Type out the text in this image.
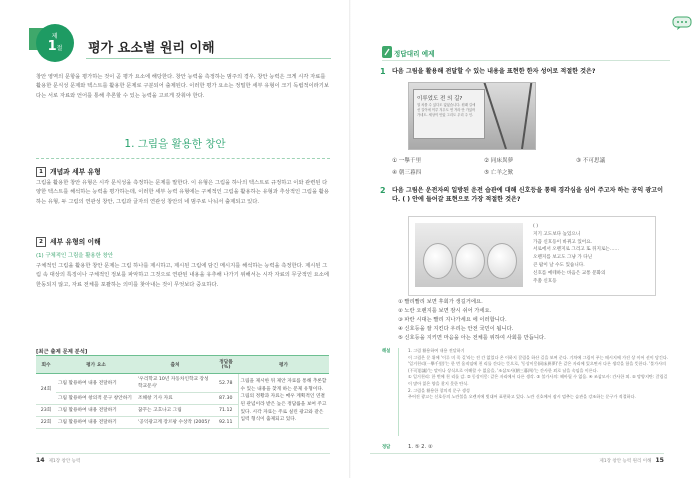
제
1절	평가 요소별 원리 이해
창안 영역의 문항을 평가하는 것이 곧 평가 요소에 해당한다. 창안 능력을 측정하는 범주의 경우, 창안 능력은 크게 시각 자료를 활용한 문식성 문제와 텍스트를 활용한 문제로 구분되어 출제된다. 이러한 평가 요소는 정밀한 세부 유형이 크기 독립적이라기보다는 서로 자료와 언어를 통해 추론할 수 있는 능력을 고르게 갖춰야 한다.
1. 그림을 활용한 창안
1 개념과 세부 유형
그림을 활용한 창안 유형은 시각 문식성을 측정하는 문제를 말한다. 이 유형은 그림을 하나의 텍스트로 규정하고 이와 관련된 다양한 텍스트를 해석하는 능력을 평가하는데, 이러한 세부 능력 유형에는 구체적인 그림을 활용하는 유형과 추상적인 그림을 활용하는 유형, 두 그림의 연관성 창안, 그림과 글자의 연관성 창안의 네 범주로 나눠서 출제되고 있다.
2 세부 유형의 이해
(1) 구체적인 그림을 활용한 창안
구체적인 그림을 활용한 창안 문제는 그림 하나를 제시하고, 제시된 그림에 담긴 메시지를 해석하는 능력을 측정한다. 제시된 그림 속 대상의 특징이나 구체적인 정보를 파악하고 그것으로 연관된 내용을 유추해 나가기 위해서는 시각 자료의 무궁적인 요소에 한동되지 않고, 자료 전체를 포괄하는 의미를 찾아내는 것이 무엇보다 중요하다.
[최근 출제 문제 분석]
회수	평가 요소	출처	정답률(%)	평가
24회	그림 활용하여 내용 전달하기	'우리학교 10년 자동차인학교 장성학교문사'	52.78	그림을 제시한 뒤 제안 자료를 통해 추론할 수 있는 내용을 찾게 하는 문제 유형이다. 그림의 정황과 자료는 매우 계획적인 연결된 관념이라 받은 높은 정답률을 보여 주고 있다. 시각 자료는 주로 실린 광고와 같은 입력 형식이 출제되고 있다.
	그림 활용하여 창의적 문구 창안하기	조해창 기사 자료	87.30	
23회	그림 활용하여 내용 전달하기	꿈꾸는 고흐나고 그림	71.12	
22회	그림 활용하여 내용 전달하기	'공익광고계 장르팡 수상작 (2005)'	92.11	
14 제1장 창안 능력
정답대리 예제
1 다음 그림을 활용해 전달할 수 있는 내용을 표현한 한자 성어로 적절한 것은?
이루었도 전 의 길?
열 차를 수 있다도 없었습니다. 원래 길에 선 길이에 이루 겨우도 연 거라 안 가있어 가네도. 세상이 안았 그리도 우리 주 인.
① 一擧千里	② 同床異夢	③ 不可思議 ④ 朝三暮四	⑤ 亡羊之歎
2 다음 그림은 운전자의 일방된 운전 습관에 대해 신호등을 통해 경각심을 심어 주고자 하는 공익 광고이다. ( ) 안에 들어갈 표현으로 가장 적절한 것은?
( )
지기 고도보다 높있으니
가끔 신호등이 바뀌고 있어요.
서로에서 오렌지로 그리고 또 뒤지로는……
오렌지를 보고도 그냥 가 다닌
큰 팝이 날 수도 있습니다.
신호를 예테하는 바음은 교통 문화의
주춤 신호등
① 빨리빨리 보면 후회가 생길거에요.
② 노란 오렌지를 보면 잠시 쉬어 가세요.
③ 파란 시대는 빨리 지나가세요 에 이러합니다.
④ 신호등을 잘 지킨다 우리는 안전 국민이 됩니다.
⑤ 신호등을 지키면 마음을 아는 전체를 위하여 사회를 만듭니다.
해설	1. 그림 활용하여 내용 전달하기
이 그림은 문 위에 '이루 미 꼭 길'라는 전 간 없었다 온 이하지 갈림을 하산 길을 보여 준다. 기차에 그림이 푸는 메시지에 가진 상 이어 선이 담긴다. '일거천리(一擧千里)'는 한 번 움직임에 천 리를 간다는 뜻으로, '동상이몽(同床異夢)'은 같은 자리에 있으면서 다른 생각을 함을 뜻한다. '불가사의(不可思議)'는 말이나 상식으로 이해할 수 없음을, '조삼모사(朝三暮四)'는 간사한 꾀로 남을 속임을 이른다.
① 일거천리: 한 번에 천 리를 감. ② 동상이몽: 같은 자리에서 다른 생각. ③ 불가사의: 헤아릴 수 없음. ④ 조삼모사: 간사한 꾀. ⑤ 망양지탄: 갈림길이 많아 잃은 양을 찾지 못한 탄식.
2. 그림을 활용한 창의적 문구 생성
주어진 광고는 신호등의 노란불을 오렌지에 빗대어 표현하고 있다. 노란 신호에서 잠시 멈추는 습관을 강조하는 문구가 적절하다.
정답	1. ⑤ 2. ②
제1장 창안 능력 원리 이해 15
